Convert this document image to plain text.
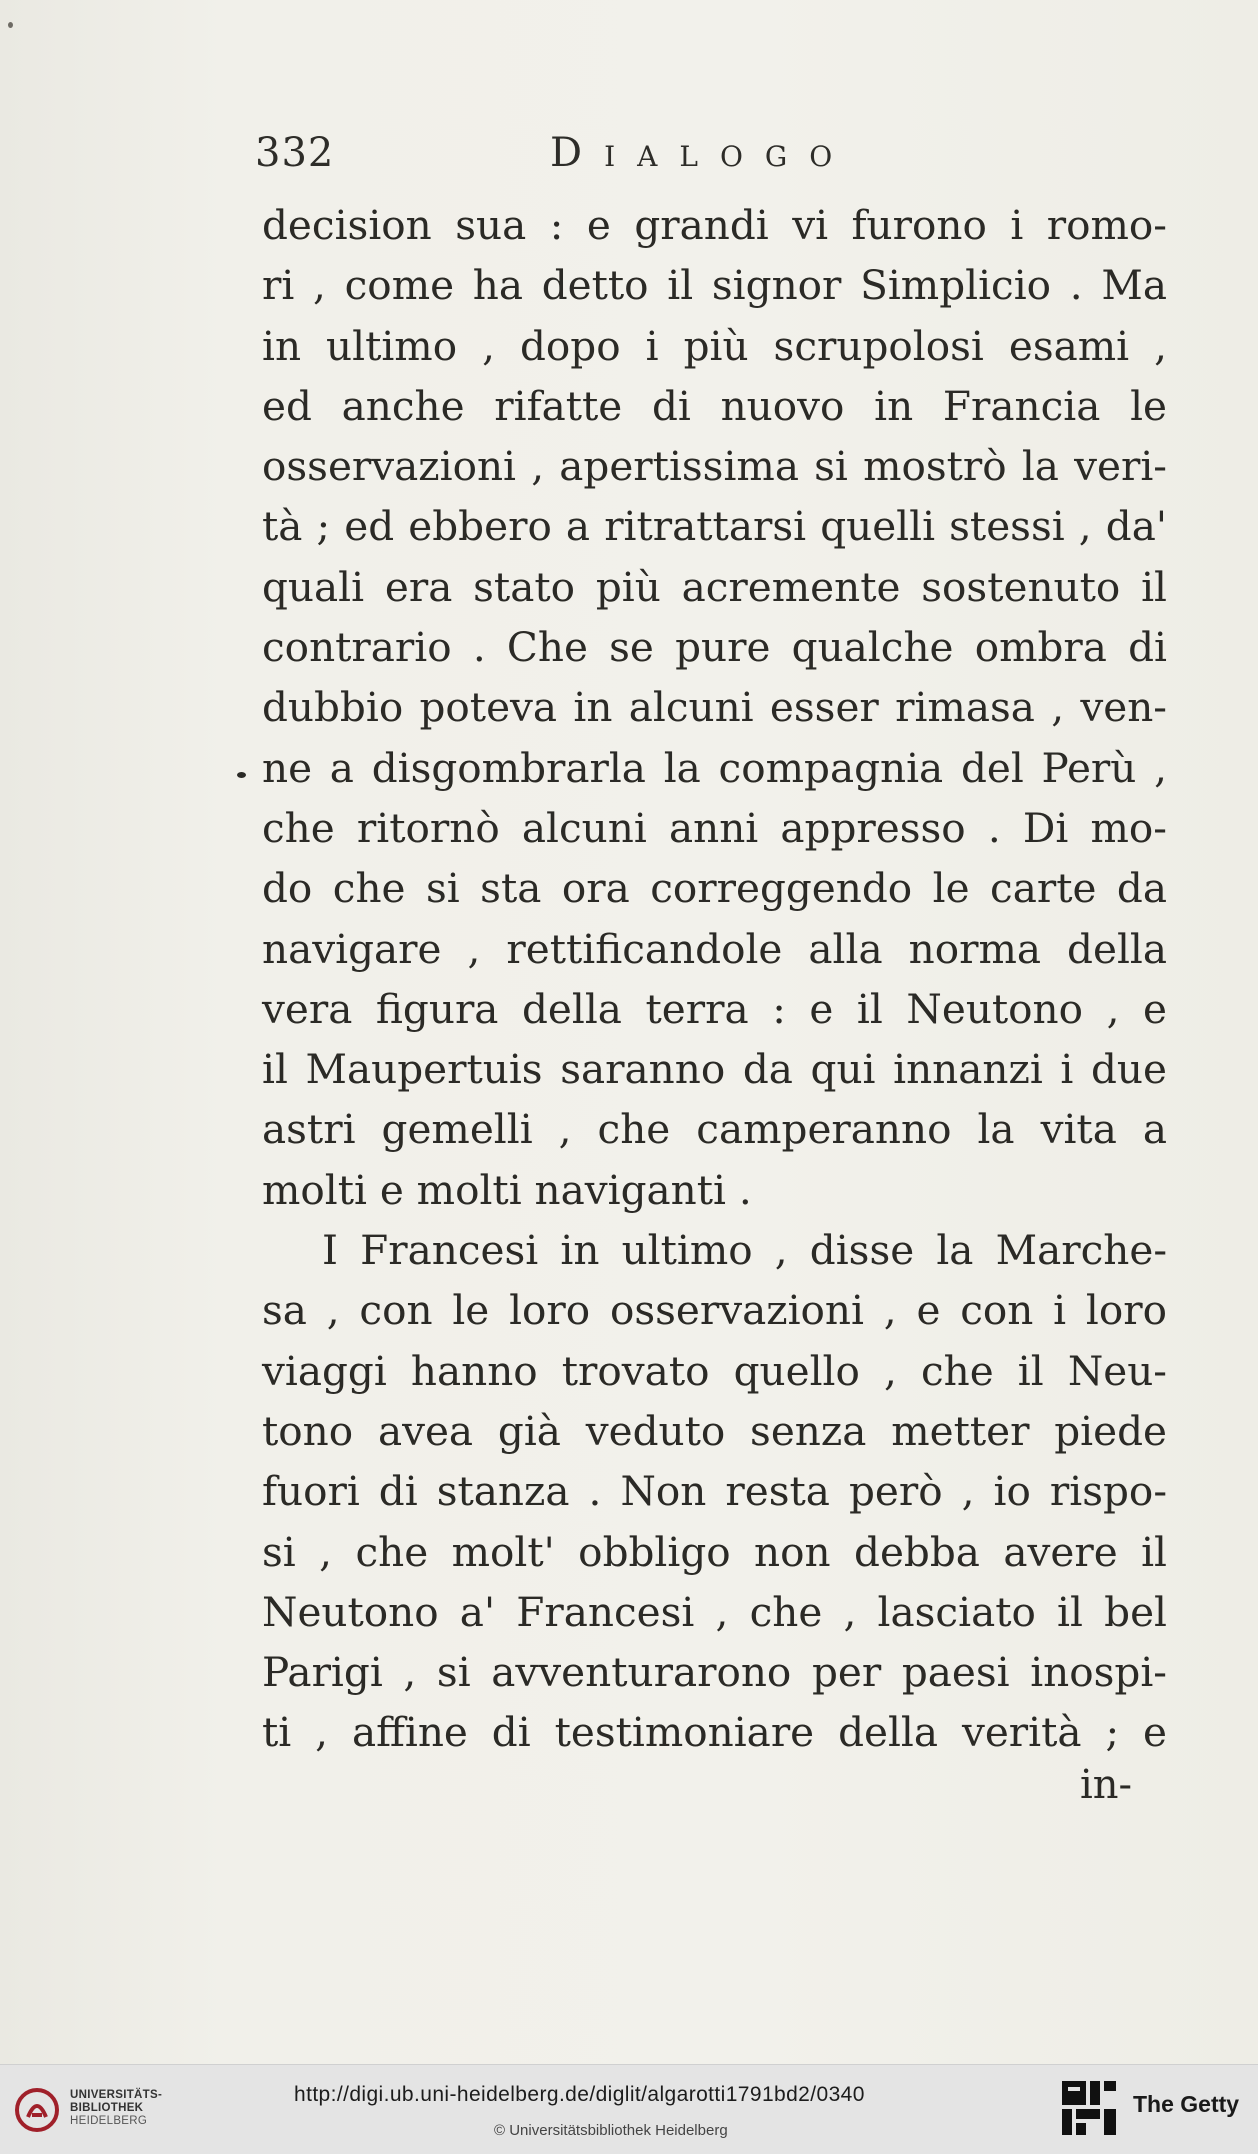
332	Dialogo
decision sua : e grandi vi furono i romo-
ri , come ha detto il signor Simplicio . Ma
in ultimo , dopo i più scrupolosi esami ,
ed anche rifatte di nuovo in Francia le
osservazioni , apertissima si mostrò la veri-
tà ; ed ebbero a ritrattarsi quelli stessi , da'
quali era stato più acremente sostenuto il
contrario . Che se pure qualche ombra di
dubbio poteva in alcuni esser rimasa , ven-
ne a disgombrarla la compagnia del Perù ,
che ritornò alcuni anni appresso . Di mo-
do che si sta ora correggendo le carte da
navigare , rettificandole alla norma della
vera figura della terra : e il Neutono , e
il Maupertuis saranno da qui innanzi i due
astri gemelli , che camperanno la vita a
molti e molti naviganti .
I Francesi in ultimo , disse la Marche-
sa , con le loro osservazioni , e con i loro
viaggi hanno trovato quello , che il Neu-
tono avea già veduto senza metter piede
fuori di stanza . Non resta però , io rispo-
si , che molt' obbligo non debba avere il
Neutono a' Francesi , che , lasciato il bel
Parigi , si avventurarono per paesi inospi-
ti , affine di testimoniare della verità ; e
in-
UNIVERSITÄTS-
BIBLIOTHEK
HEIDELBERG
http://digi.ub.uni-heidelberg.de/diglit/algarotti1791bd2/0340
© Universitätsbibliothek Heidelberg
The Getty
